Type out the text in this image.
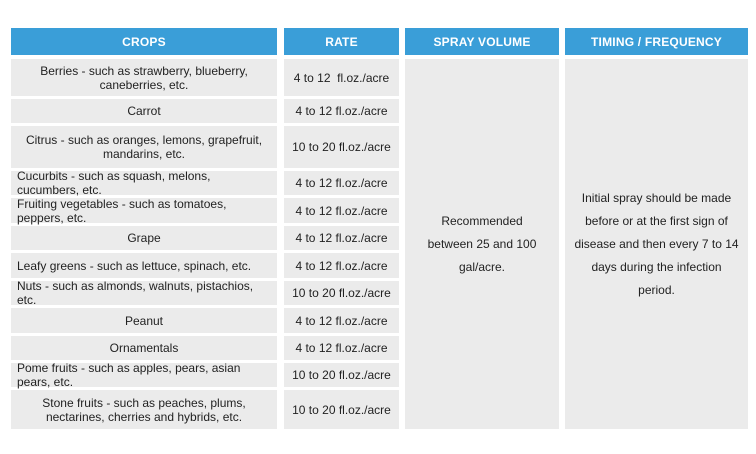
CROPS	RATE	SPRAY VOLUME	TIMING / FREQUENCY
Berries - such as strawberry, blueberry, caneberries, etc.	4 to 12  fl.oz./acre
Carrot	4 to 12 fl.oz./acre
Citrus - such as oranges, lemons, grapefruit, mandarins, etc.	10 to 20 fl.oz./acre
Cucurbits - such as squash, melons, cucumbers, etc.	4 to 12 fl.oz./acre
Fruiting vegetables - such as tomatoes, peppers, etc.	4 to 12 fl.oz./acre
Grape	4 to 12 fl.oz./acre
Leafy greens - such as lettuce, spinach, etc.	4 to 12 fl.oz./acre
Nuts - such as almonds, walnuts, pistachios, etc.	10 to 20 fl.oz./acre
Peanut	4 to 12 fl.oz./acre
Ornamentals	4 to 12 fl.oz./acre
Pome fruits - such as apples, pears, asian pears, etc.	10 to 20 fl.oz./acre
Stone fruits - such as peaches, plums, nectarines, cherries and hybrids, etc.	10 to 20 fl.oz./acre
Recommended between 25 and 100 gal/acre.
Initial spray should be made before or at the first sign of disease and then every 7 to 14 days during the infection period.
